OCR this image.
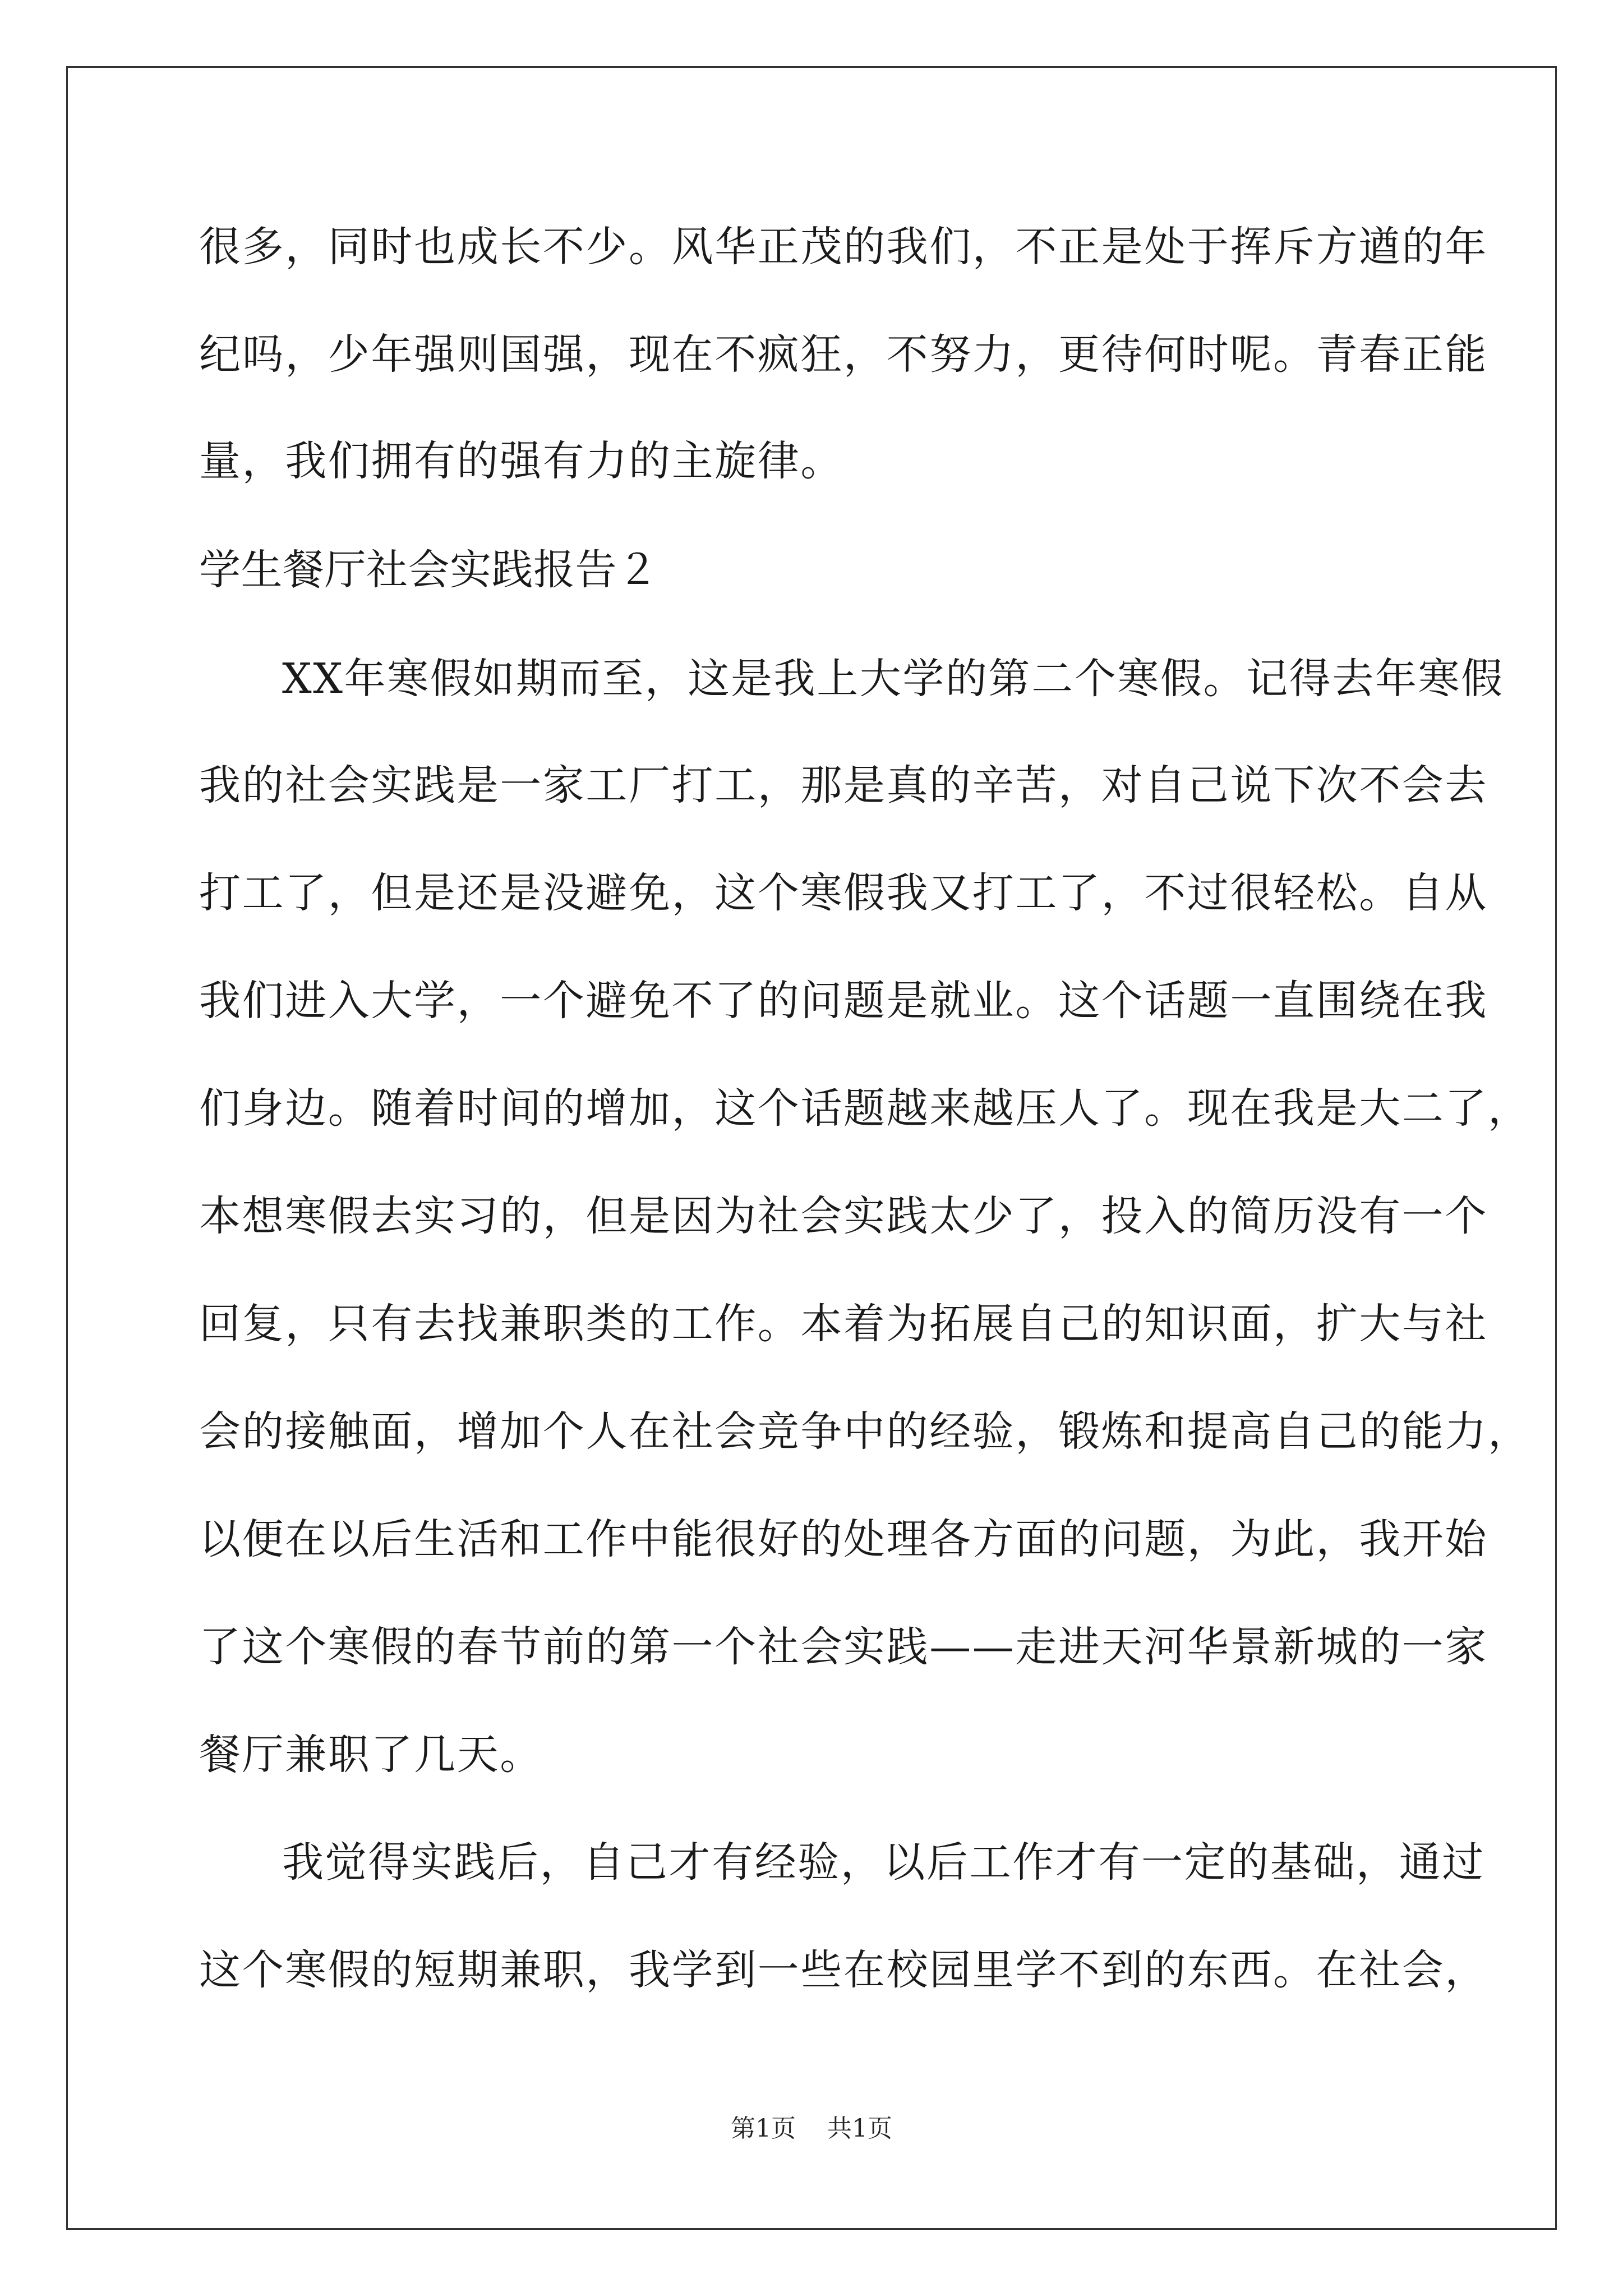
很多，同时也成长不少。风华正茂的我们，不正是处于挥斥方遒的年
纪吗，少年强则国强，现在不疯狂，不努力，更待何时呢。青春正能
量，我们拥有的强有力的主旋律。
学生餐厅社会实践报告２
XX年寒假如期而至，这是我上大学的第二个寒假。记得去年寒假
我的社会实践是一家工厂打工，那是真的辛苦，对自己说下次不会去
打工了，但是还是没避免，这个寒假我又打工了，不过很轻松。自从
我们进入大学，一个避免不了的问题是就业。这个话题一直围绕在我
们身边。随着时间的增加，这个话题越来越压人了。现在我是大二了，
本想寒假去实习的，但是因为社会实践太少了，投入的简历没有一个
回复，只有去找兼职类的工作。本着为拓展自己的知识面，扩大与社
会的接触面，增加个人在社会竞争中的经验，锻炼和提高自己的能力，
以便在以后生活和工作中能很好的处理各方面的问题，为此，我开始
了这个寒假的春节前的第一个社会实践——走进天河华景新城的一家
餐厅兼职了几天。
我觉得实践后，自己才有经验，以后工作才有一定的基础，通过
这个寒假的短期兼职，我学到一些在校园里学不到的东西。在社会，
第1页 共1页
